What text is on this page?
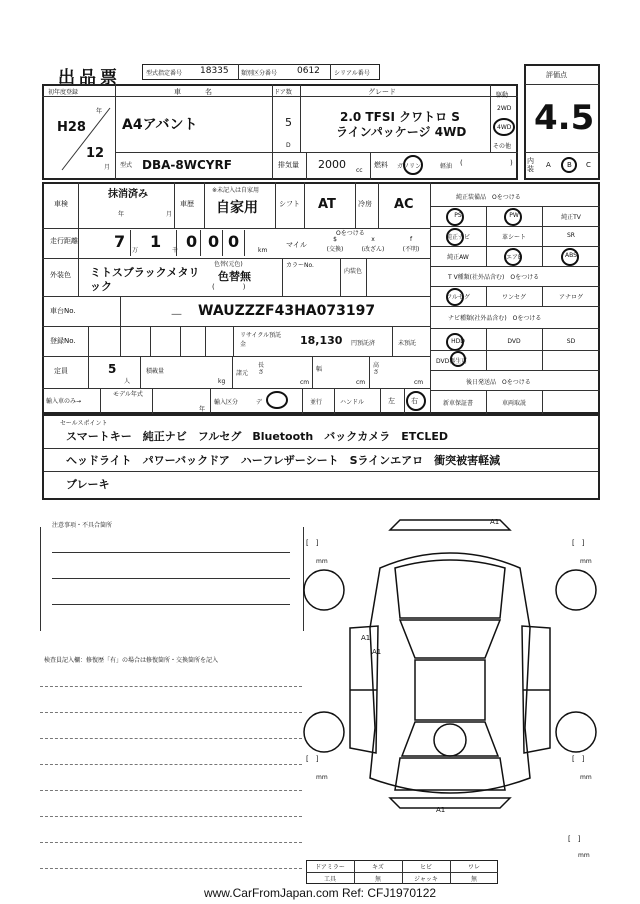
出品票	型式指定番号 18335 類別区分番号 0612 シリアル番号	評価点
4.5
内装 A B C
初年度登録
H28
年
12
月
車名
A4アバント
ドア数
5
D
グレード
2.0 TFSI クワトロ S
ラインパッケージ 4WD
駆動
2WD
4WD
その他
型式 DBA-8WCYRF	排気量 2000 cc
燃料 ガソリン	軽油 (	)
車検
抹消済み
年	月
車歴
※未記入は自家用
自家用	シフト AT	冷房 AC
走行距離 7 万 1 千 0 0 0	km
マイル
Oをつける
$
(交換)
x
(改ざん)
f
(不明)
外装色 ミトスブラックメタリック
色替(元色)
色替無
(　　　　)
カラーNo.
内装色
車台No.	－ WAUZZZF43HA073197
登録No.
リサイクル預託金	18,130 円預託済	未預託
定員	5
人
積載量
kg
諸元
長さ
cm
幅
cm
高さ
cm
輸入車のみ→
モデル年式
年
輸入区分	デ	並行	ハンドル	左 右
純正装備品　Oをつける
PS	PW	純正TV
純正ナビ	革シート	SR
純正AW	エアB	ABS
T V種類(社外品含む)　Oをつける
フルセグ	ワンセグ	アナログ
ナビ種類(社外品含む)　Oをつける
HDD	DVD	SD
DVD再生可
後日発送品　Oをつける
新車保証書	車両取説
セールスポイント
スマートキー　純正ナビ　フルセグ　Bluetooth　バックカメラ　ETCLED
ヘッドライト　パワーバックドア　ハーフレザーシート　Sラインエアロ　衝突被害軽減
ブレーキ
注意事項・不具合箇所
検査員記入欄：修復歴「有」の場合は修復箇所・交換箇所を記入
A1
A1
A1
A1
[　]
mm
[　]
mm
[　]
mm
[　]
mm
[　]
mm
ドアミラー	キズ	ヒビ	ワレ
工具	無	ジャッキ	無
www.CarFromJapan.com Ref: CFJ1970122
